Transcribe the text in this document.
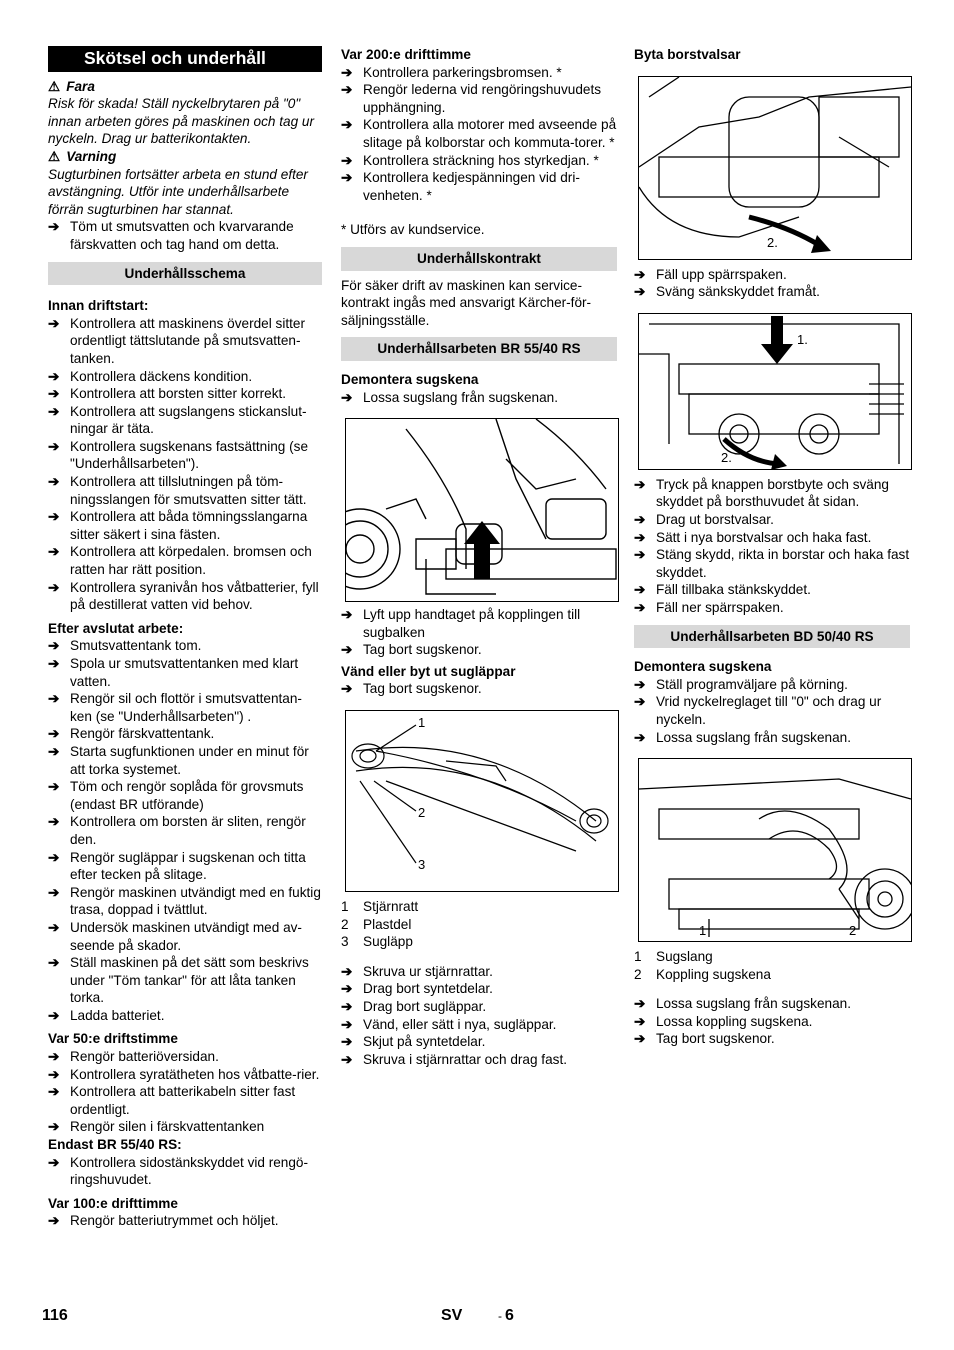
Skötsel och underhåll
⚠ Fara
Risk för skada! Ställ nyckelbrytaren på "0" innan arbeten göres på maskinen och tag ur nyckeln. Drag ur batterikontakten.
⚠ Varning
Sugturbinen fortsätter arbeta en stund efter avstängning. Utför inte underhållsarbete förrän sugturbinen har stannat.
➔ Töm ut smutsvatten och kvarvarande färskvatten och tag hand om detta.
Underhållsschema
Innan driftstart:
➔ Kontrollera att maskinens överdel sitter ordentligt tättslutande på smutsvatten-tanken.
➔ Kontrollera däckens kondition.
➔ Kontrollera att borsten sitter korrekt.
➔ Kontrollera att sugslangens stickanslut-ningar är täta.
➔ Kontrollera sugskenans fastsättning (se "Underhållsarbeten").
➔ Kontrollera att tillslutningen på töm-ningsslangen för smutsvatten sitter tätt.
➔ Kontrollera att båda tömningsslangarna sitter säkert i sina fästen.
➔ Kontrollera att körpedalen. bromsen och ratten har rätt position.
➔ Kontrollera syranivån hos våtbatterier, fyll på destillerat vatten vid behov.
Efter avslutat arbete:
➔ Smutsvattentank tom.
➔ Spola ur smutsvattentanken med klart vatten.
➔ Rengör sil och flottör i smutsvattentan-ken (se "Underhållsarbeten") .
➔ Rengör färskvattentank.
➔ Starta sugfunktionen under en minut för att torka systemet.
➔ Töm och rengör soplåda för grovsmuts (endast BR utförande)
➔ Kontrollera om borsten är sliten, rengör den.
➔ Rengör sugläppar i sugskenan och titta efter tecken på slitage.
➔ Rengör maskinen utvändigt med en fuktig trasa, doppad i tvättlut.
➔ Undersök maskinen utvändigt med av-seende på skador.
➔ Ställ maskinen på det sätt som beskrivs under "Töm tankar" för att låta tanken torka.
➔ Ladda batteriet.
Var 50:e driftstimme
➔ Rengör batteriöversidan.
➔ Kontrollera syratätheten hos våtbatte-rier.
➔ Kontrollera att batterikabeln sitter fast ordentligt.
➔ Rengör silen i färskvattentanken
Endast BR 55/40 RS:
➔ Kontrollera sidostänkskyddet vid rengö-ringshuvudet.
Var 100:e drifttimme
➔ Rengör batteriutrymmet och höljet.
Var 200:e drifttimme
➔ Kontrollera parkeringsbromsen. *
➔ Rengör lederna vid rengöringshuvudets upphängning.
➔ Kontrollera alla motorer med avseende på slitage på kolborstar och kommuta-torer. *
➔ Kontrollera sträckning hos styrkedjan. *
➔ Kontrollera kedjespänningen vid dri-venheten. *
* Utförs av kundservice.
Underhållskontrakt
För säker drift av maskinen kan service-kontrakt ingås med ansvarigt Kärcher-för-säljningsställe.
Underhållsarbeten BR 55/40 RS
Demontera sugskena
➔ Lossa sugslang från sugskenan.
➔ Lyft upp handtaget på kopplingen till sugbalken
➔ Tag bort sugskenor.
Vänd eller byt ut sugläppar
➔ Tag bort sugskenor.
1
2
3
1 Stjärnratt
2 Plastdel
3 Sugläpp
➔ Skruva ur stjärnrattar.
➔ Drag bort syntetdelar.
➔ Drag bort sugläppar.
➔ Vänd, eller sätt i nya, sugläppar.
➔ Skjut på syntetdelar.
➔ Skruva i stjärnrattar och drag fast.
Byta borstvalsar
2.
➔ Fäll upp spärrspaken.
➔ Sväng sänkskyddet framåt.
1.
2.
➔ Tryck på knappen borstbyte och sväng skyddet på borsthuvudet åt sidan.
➔ Drag ut borstvalsar.
➔ Sätt i nya borstvalsar och haka fast.
➔ Stäng skydd, rikta in borstar och haka fast skyddet.
➔ Fäll tillbaka stänkskyddet.
➔ Fäll ner spärrspaken.
Underhållsarbeten BD 50/40 RS
Demontera sugskena
➔ Ställ programväljare på körning.
➔ Vrid nyckelreglaget till "0" och drag ur nyckeln.
➔ Lossa sugslang från sugskenan.
1	2
1 Sugslang
2 Koppling sugskena
➔ Lossa sugslang från sugskenan.
➔ Lossa koppling sugskena.
➔ Tag bort sugskenor.
116	SV	- 6
